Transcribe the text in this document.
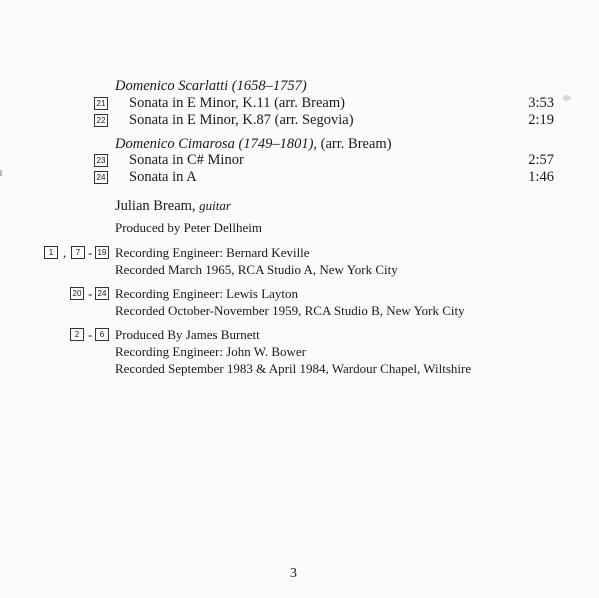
Domenico Scarlatti (1658–1757)
21 Sonata in E Minor, K.11 (arr. Bream)	3:53
22 Sonata in E Minor, K.87 (arr. Segovia)	2:19
Domenico Cimarosa (1749–1801), (arr. Bream)
23 Sonata in C# Minor	2:57
24 Sonata in A	1:46
Julian Bream, guitar
Produced by Peter Dellheim
1 ,	7 - 19 Recording Engineer: Bernard Keville
Recorded March 1965, RCA Studio A, New York City
20 - 24 Recording Engineer: Lewis Layton
Recorded October-November 1959, RCA Studio B, New York City
2 - 6 Produced By James Burnett
Recording Engineer: John W. Bower
Recorded September 1983 & April 1984, Wardour Chapel, Wiltshire
3
